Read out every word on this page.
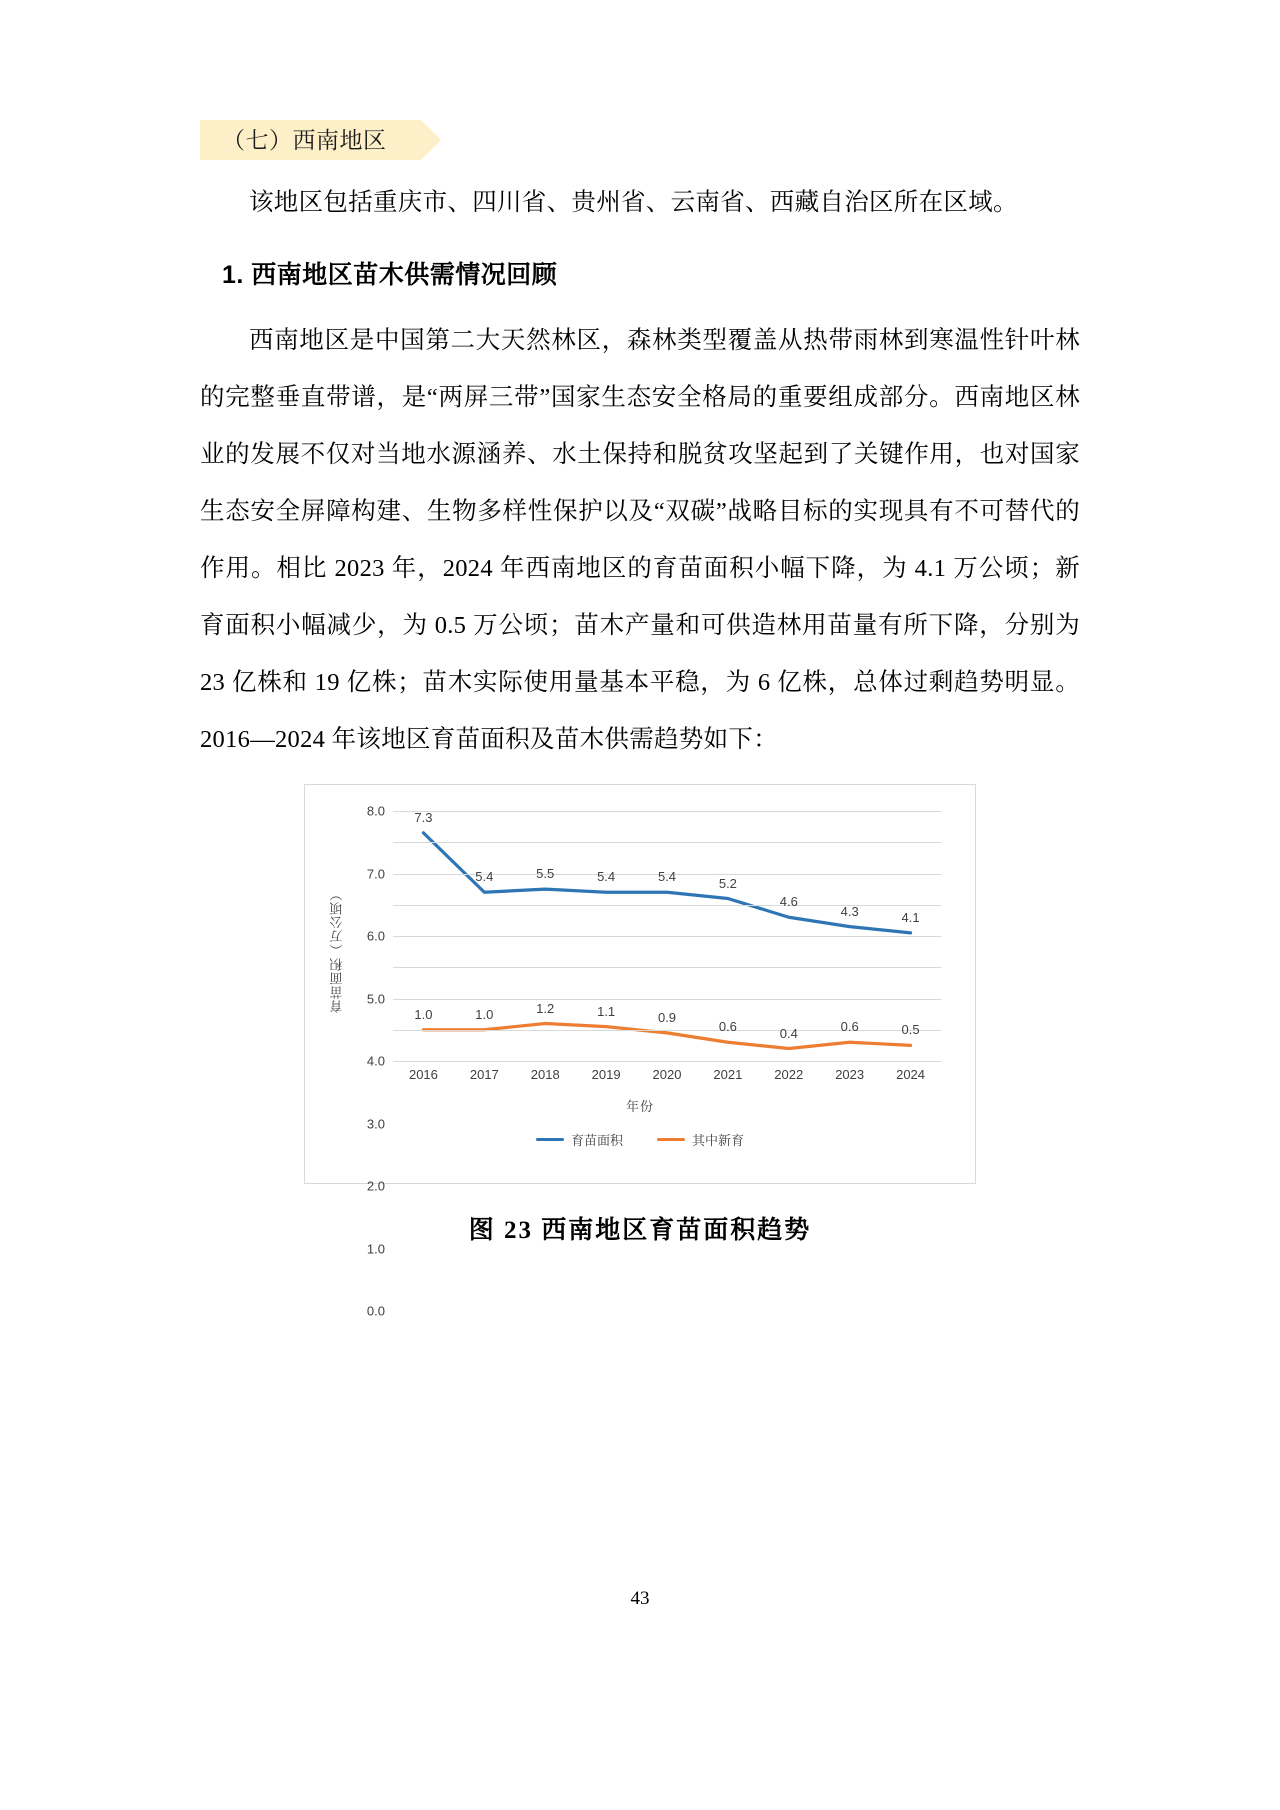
（七）西南地区

该地区包括重庆市、四川省、贵州省、云南省、西藏自治区所在区域。

1. 西南地区苗木供需情况回顾

西南地区是中国第二大天然林区，森林类型覆盖从热带雨林到寒温性针叶林的完整垂直带谱，是“两屏三带”国家生态安全格局的重要组成部分。西南地区林业的发展不仅对当地水源涵养、水土保持和脱贫攻坚起到了关键作用，也对国家生态安全屏障构建、生物多样性保护以及“双碳”战略目标的实现具有不可替代的作用。相比 2023 年，2024 年西南地区的育苗面积小幅下降，为 4.1 万公顷；新育面积小幅减少，为 0.5 万公顷；苗木产量和可供造林用苗量有所下降，分别为 23 亿株和 19 亿株；苗木实际使用量基本平稳，为 6 亿株，总体过剩趋势明显。2016—2024 年该地区育苗面积及苗木供需趋势如下：

育苗面积（万公顷）
0.0
1.0
2.0
3.0
4.0
5.0
6.0
7.0
8.0
2016 2017 2018 2019 2020 2021 2022 2023 2024
7.3
5.4	5.5	5.4	5.4	5.2
4.6
4.3	4.1
1.0	1.0	1.2	1.1	0.9
0.6	0.4	0.6	0.5
年份
育苗面积	其中新育
图 23 西南地区育苗面积趋势
43
